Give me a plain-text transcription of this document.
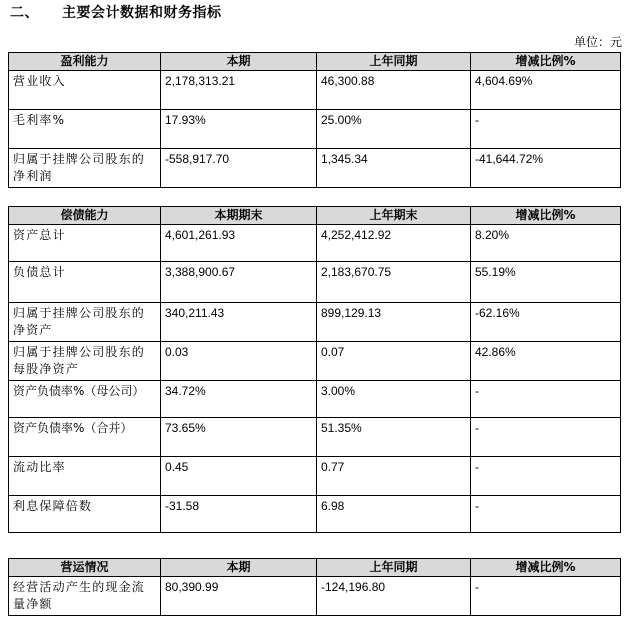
二、 主要会计数据和财务指标
单位：元
盈利能力	本期	上年同期	增减比例%
营业收入	2,178,313.21	46,300.88	4,604.69%
毛利率%	17.93%	25.00%	-
归属于挂牌公司股东的净利润	-558,917.70	1,345.34	-41,644.72%
偿债能力	本期期末	上年期末	增减比例%
资产总计	4,601,261.93	4,252,412.92	8.20%
负债总计	3,388,900.67	2,183,670.75	55.19%
归属于挂牌公司股东的净资产	340,211.43	899,129.13	-62.16%
归属于挂牌公司股东的每股净资产	0.03	0.07	42.86%
资产负债率%（母公司）	34.72%	3.00%	-
资产负债率%（合并）	73.65%	51.35%	-
流动比率	0.45	0.77	-
利息保障倍数	-31.58	6.98	-
营运情况	本期	上年同期	增减比例%
经营活动产生的现金流量净额	80,390.99	-124,196.80	-
